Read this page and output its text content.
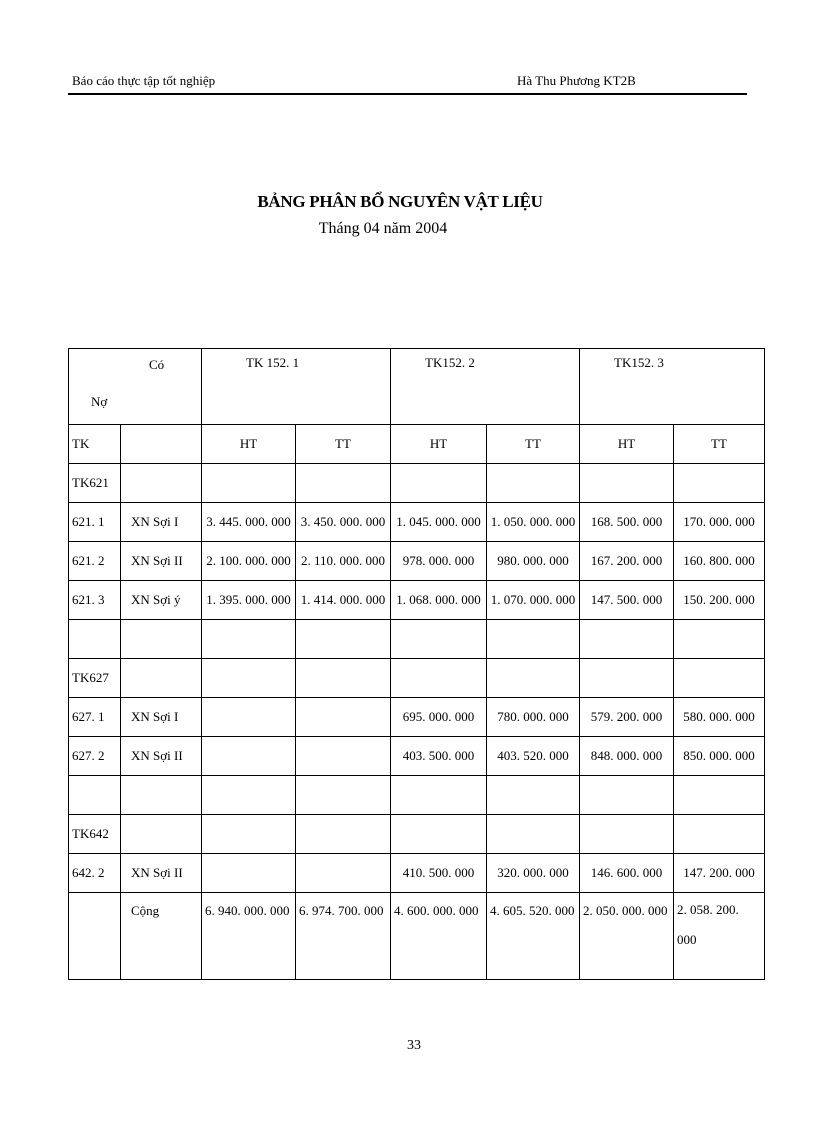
Báo cáo thực tập tốt nghiệp	Hà Thu Phương KT2B
BẢNG PHÂN BỔ NGUYÊN VẬT LIỆU
Tháng 04 năm 2004
Có
Nợ		TK 152. 1		TK152. 2		TK152. 3	
TK		HT	TT	HT	TT	HT	TT
TK621							
621. 1	XN Sợi I	3. 445. 000. 000	3. 450. 000. 000	1. 045. 000. 000	1. 050. 000. 000	168. 500. 000	170. 000. 000
621. 2	XN Sợi II	2. 100. 000. 000	2. 110. 000. 000	978. 000. 000	980. 000. 000	167. 200. 000	160. 800. 000
621. 3	XN Sợi ý	1. 395. 000. 000	1. 414. 000. 000	1. 068. 000. 000	1. 070. 000. 000	147. 500. 000	150. 200. 000

TK627							
627. 1	XN Sợi I			695. 000. 000	780. 000. 000	579. 200. 000	580. 000. 000
627. 2	XN Sợi II			403. 500. 000	403. 520. 000	848. 000. 000	850. 000. 000

TK642							
642. 2	XN Sợi II			410. 500. 000	320. 000. 000	146. 600. 000	147. 200. 000
	Cộng	6. 940. 000. 000	6. 974. 700. 000	4. 600. 000. 000	4. 605. 520. 000	2. 050. 000. 000	2. 058. 200. 000
33
